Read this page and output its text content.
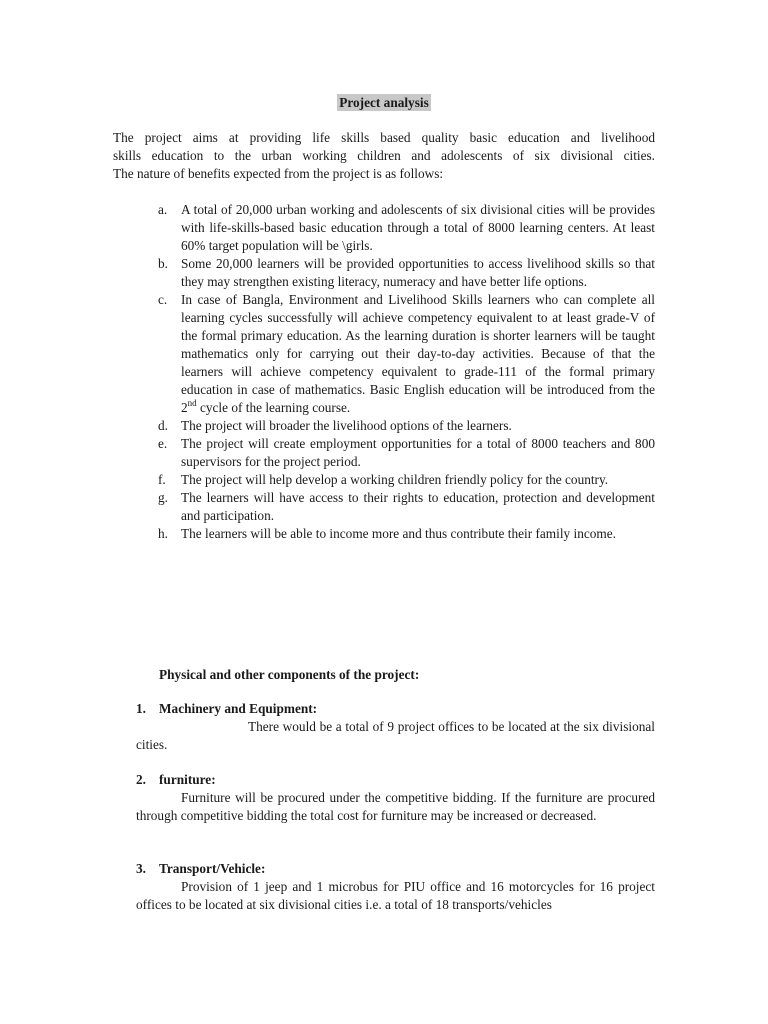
Project analysis
The project aims at providing life skills based quality basic education and livelihood
skills education to the urban working children and adolescents of six divisional cities.
The nature of benefits expected from the project is as follows:
a. A total of 20,000 urban working and adolescents of six divisional cities will be provides with life-skills-based basic education through a total of 8000 learning centers. At least 60% target population will be \girls.
b. Some 20,000 learners will be provided opportunities to access livelihood skills so that they may strengthen existing literacy, numeracy and have better life options.
c. In case of Bangla, Environment and Livelihood Skills learners who can complete all learning cycles successfully will achieve competency equivalent to at least grade-V of the formal primary education. As the learning duration is shorter learners will be taught mathematics only for carrying out their day-to-day activities. Because of that the learners will achieve competency equivalent to grade-111 of the formal primary education in case of mathematics. Basic English education will be introduced from the 2nd cycle of the learning course.
d. The project will broader the livelihood options of the learners.
e. The project will create employment opportunities for a total of 8000 teachers and 800 supervisors for the project period.
f. The project will help develop a working children friendly policy for the country.
g. The learners will have access to their rights to education, protection and development and participation.
h. The learners will be able to income more and thus contribute their family income.
Physical and other components of the project:
1. Machinery and Equipment:
There would be a total of 9 project offices to be located at the six divisional cities.
2. furniture:
Furniture will be procured under the competitive bidding. If the furniture are procured through competitive bidding the total cost for furniture may be increased or decreased.
3. Transport/Vehicle:
Provision of 1 jeep and 1 microbus for PIU office and 16 motorcycles for 16 project offices to be located at six divisional cities i.e. a total of 18 transports/vehicles
